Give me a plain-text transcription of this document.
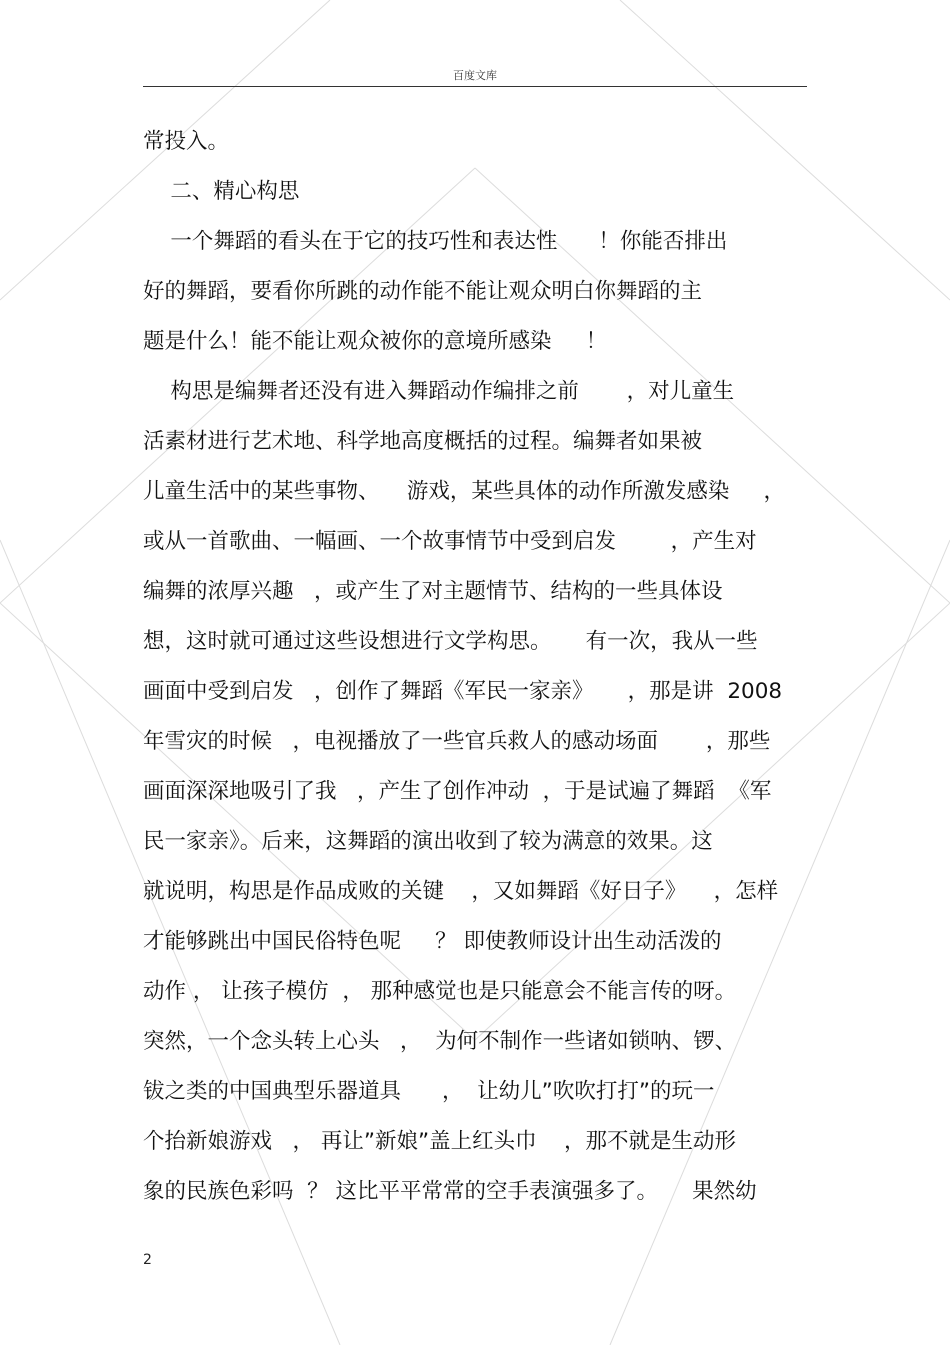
百度文库
常投入。
二、精心构思
一个舞蹈的看头在于它的技巧性和表达性      ！你能否排出
好的舞蹈，要看你所跳的动作能不能让观众明白你舞蹈的主
题是什么！能不能让观众被你的意境所感染     ！
构思是编舞者还没有进入舞蹈动作编排之前       ，对儿童生
活素材进行艺术地、科学地高度概括的过程。编舞者如果被
儿童生活中的某些事物、    游戏，某些具体的动作所激发感染     ，
或从一首歌曲、一幅画、一个故事情节中受到启发        ，产生对
编舞的浓厚兴趣   ，或产生了对主题情节、结构的一些具体设
想，这时就可通过这些设想进行文学构思。     有一次，我从一些
画面中受到启发   ，创作了舞蹈《军民一家亲》     ，那是讲  2008
年雪灾的时候   ，电视播放了一些官兵救人的感动场面       ，那些
画面深深地吸引了我   ，产生了创作冲动  ，于是试遍了舞蹈  《军
民一家亲》。后来，这舞蹈的演出收到了较为满意的效果。这
就说明，构思是作品成败的关键    ，又如舞蹈《好日子》    ，怎样
才能够跳出中国民俗特色呢     ？ 即使教师设计出生动活泼的
动作 ， 让孩子模仿  ， 那种感觉也是只能意会不能言传的呀。
突然，一个念头转上心头   ，  为何不制作一些诸如锁呐、锣、
钹之类的中国典型乐器道具      ，  让幼儿”吹吹打打”的玩一
个抬新娘游戏   ， 再让”新娘”盖上红头巾    ，那不就是生动形
象的民族色彩吗  ？ 这比平平常常的空手表演强多了。     果然幼
2
